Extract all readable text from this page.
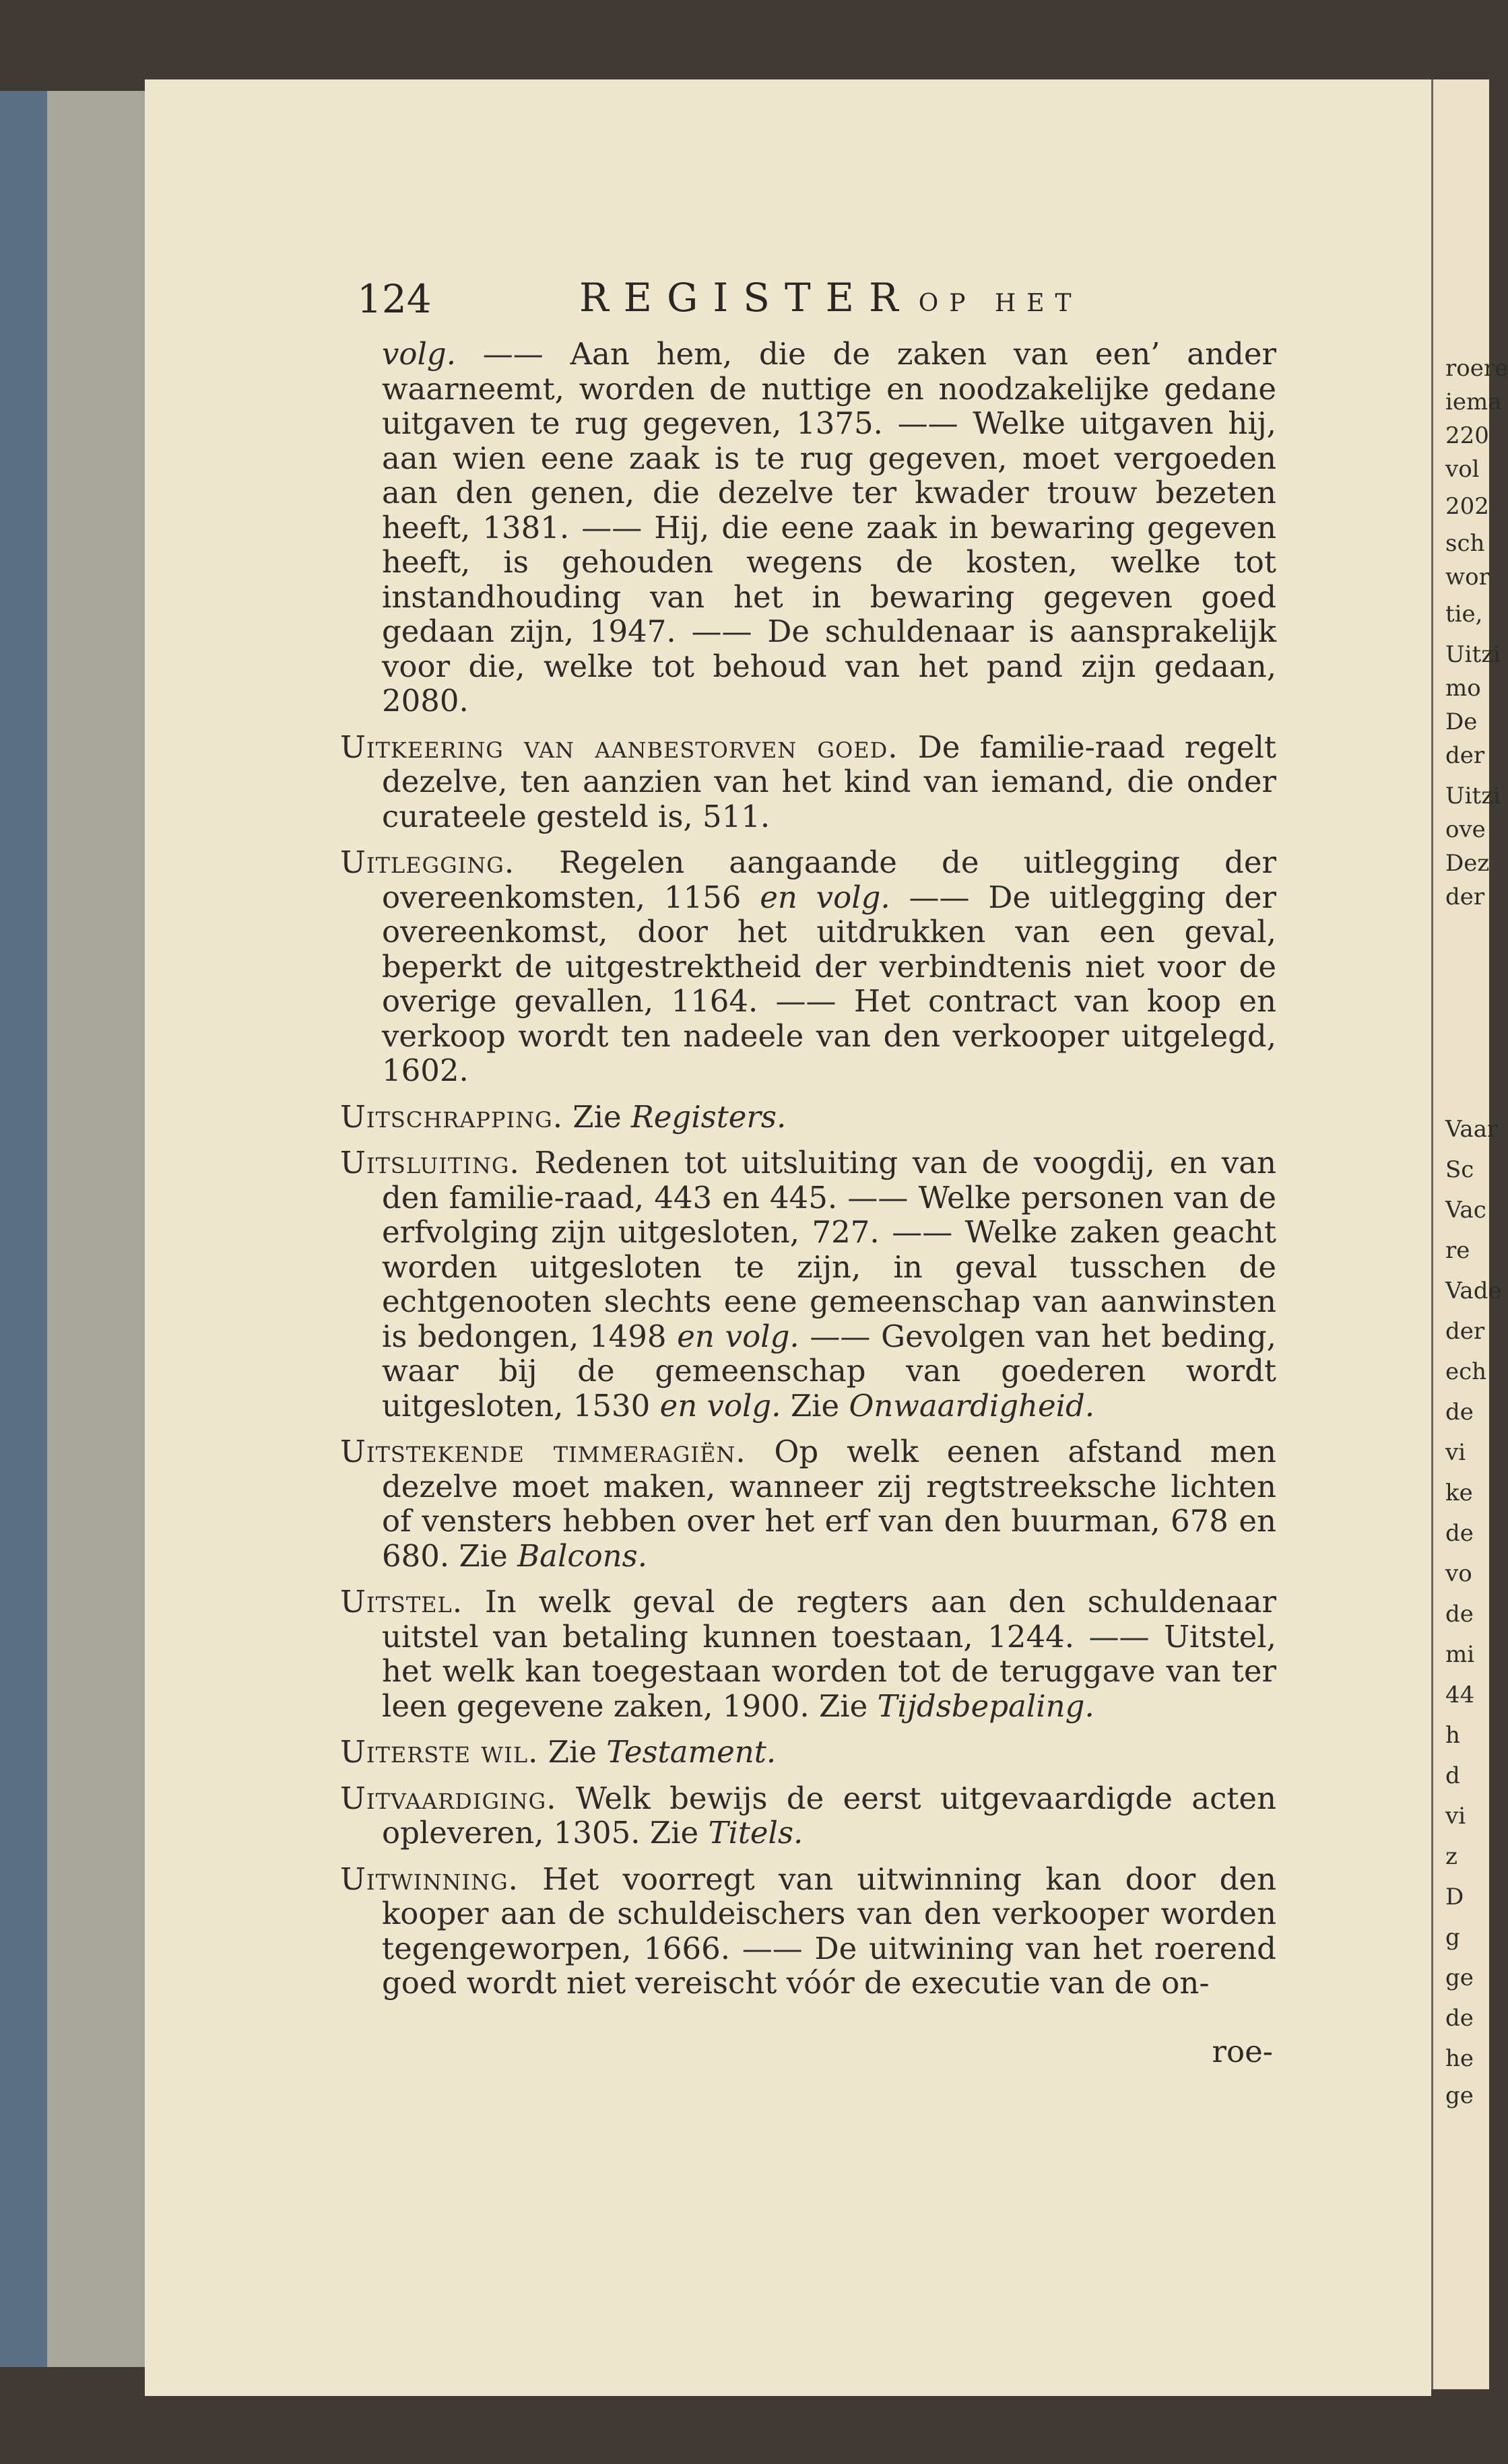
124	REGISTER OP HET

volg. —— Aan hem, die de zaken van een’ ander waarneemt, worden de nuttige en noodzakelijke gedane uitgaven te rug gegeven, 1375. —— Welke uitgaven hij, aan wien eene zaak is te rug gegeven, moet vergoeden aan den genen, die dezelve ter kwader trouw bezeten heeft, 1381. —— Hij, die eene zaak in bewaring gegeven heeft, is gehouden wegens de kosten, welke tot instandhouding van het in bewaring gegeven goed gedaan zijn, 1947. —— De schuldenaar is aansprakelijk voor die, welke tot behoud van het pand zijn gedaan, 2080.

Uitkeering van aanbestorven goed. De familie-raad regelt dezelve, ten aanzien van het kind van iemand, die onder curateele gesteld is, 511.

Uitlegging. Regelen aangaande de uitlegging der overeenkomsten, 1156 en volg. —— De uitlegging der overeenkomst, door het uitdrukken van een geval, beperkt de uitgestrektheid der verbindtenis niet voor de overige gevallen, 1164. —— Het contract van koop en verkoop wordt ten nadeele van den verkooper uitgelegd, 1602.

Uitschrapping. Zie Registers.

Uitsluiting. Redenen tot uitsluiting van de voogdij, en van den familie-raad, 443 en 445. —— Welke personen van de erfvolging zijn uitgesloten, 727. —— Welke zaken geacht worden uitgesloten te zijn, in geval tusschen de echtgenooten slechts eene gemeenschap van aanwinsten is bedongen, 1498 en volg. —— Gevolgen van het beding, waar bij de gemeenschap van goederen wordt uitgesloten, 1530 en volg. Zie Onwaardigheid.

Uitstekende timmeragiën. Op welk eenen afstand men dezelve moet maken, wanneer zij regtstreeksche lichten of vensters hebben over het erf van den buurman, 678 en 680. Zie Balcons.

Uitstel. In welk geval de regters aan den schuldenaar uitstel van betaling kunnen toestaan, 1244. —— Uitstel, het welk kan toegestaan worden tot de teruggave van ter leen gegevene zaken, 1900. Zie Tijdsbepaling.

Uiterste wil. Zie Testament.

Uitvaardiging. Welk bewijs de eerst uitgevaardigde acten opleveren, 1305. Zie Titels.

Uitwinning. Het voorregt van uitwinning kan door den kooper aan de schuldeischers van den verkooper worden tegengeworpen, 1666. —— De uitwining van het roerend goed wordt niet vereischt vóór de executie van de on-

roe-
roere
iema
220
vol
202
sch
wor
tie,
Uitzi
mo
De
der
Uitzi
ove
Dez
der
Vaar
Sc
Vac
re
Vade
der
ech
de
vi
ke
de
vo
de
mi
44
h
d
vi
z
D
g
ge
de
he
ge
